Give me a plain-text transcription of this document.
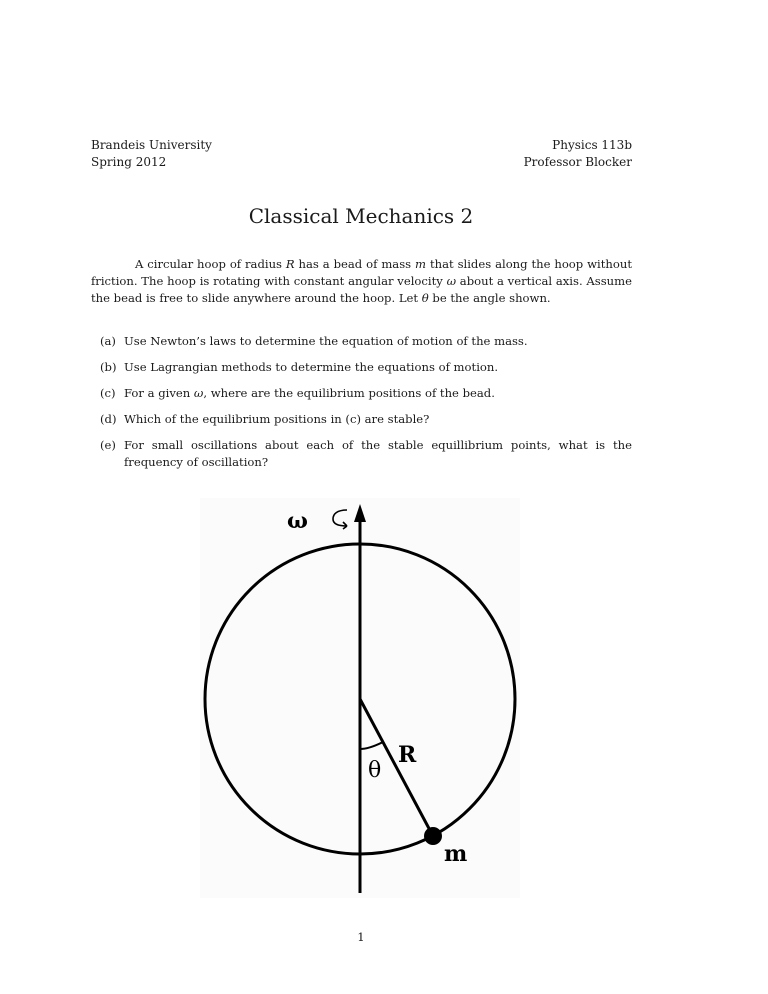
Brandeis University
Spring 2012
Physics 113b
Professor Blocker
Classical Mechanics 2

A circular hoop of radius R has a bead of mass m that slides along the hoop without friction. The hoop is rotating with constant angular velocity ω about a vertical axis. Assume the bead is free to slide anywhere around the hoop. Let θ be the angle shown.

(a) Use Newton’s laws to determine the equation of motion of the mass.
(b) Use Lagrangian methods to determine the equations of motion.
(c) For a given ω, where are the equilibrium positions of the bead.
(d) Which of the equilibrium positions in (c) are stable?
(e) For small oscillations about each of the stable equillibrium points, what is the frequency of oscillation?
ω
R
θ
m
1
